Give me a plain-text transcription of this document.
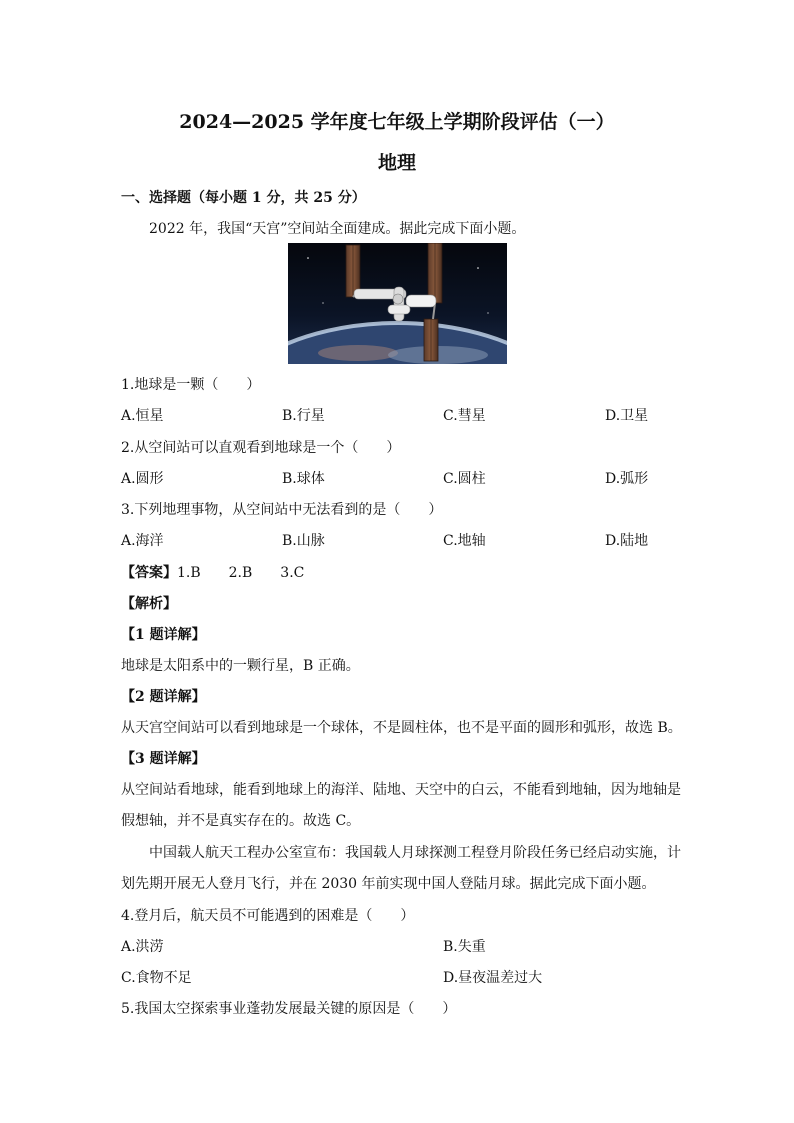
2024—2025 学年度七年级上学期阶段评估（一）
地理
一、选择题（每小题 1 分，共 25 分）
2022 年，我国“天宫”空间站全面建成。据此完成下面小题。
1.地球是一颗（　　）
A.恒星	B.行星	C.彗星	D.卫星
2.从空间站可以直观看到地球是一个（　　）
A.圆形	B.球体	C.圆柱	D.弧形
3.下列地理事物，从空间站中无法看到的是（　　）
A.海洋	B.山脉	C.地轴	D.陆地
【答案】1.B　　2.B　　3.C
【解析】
【1 题详解】
地球是太阳系中的一颗行星，B 正确。
【2 题详解】
从天宫空间站可以看到地球是一个球体，不是圆柱体，也不是平面的圆形和弧形，故选 B。
【3 题详解】
从空间站看地球，能看到地球上的海洋、陆地、天空中的白云，不能看到地轴，因为地轴是
假想轴，并不是真实存在的。故选 C。
中国载人航天工程办公室宣布：我国载人月球探测工程登月阶段任务已经启动实施，计
划先期开展无人登月飞行，并在 2030 年前实现中国人登陆月球。据此完成下面小题。
4.登月后，航天员不可能遇到的困难是（　　）
A.洪涝	B.失重
C.食物不足	D.昼夜温差过大
5.我国太空探索事业蓬勃发展最关键的原因是（　　）
